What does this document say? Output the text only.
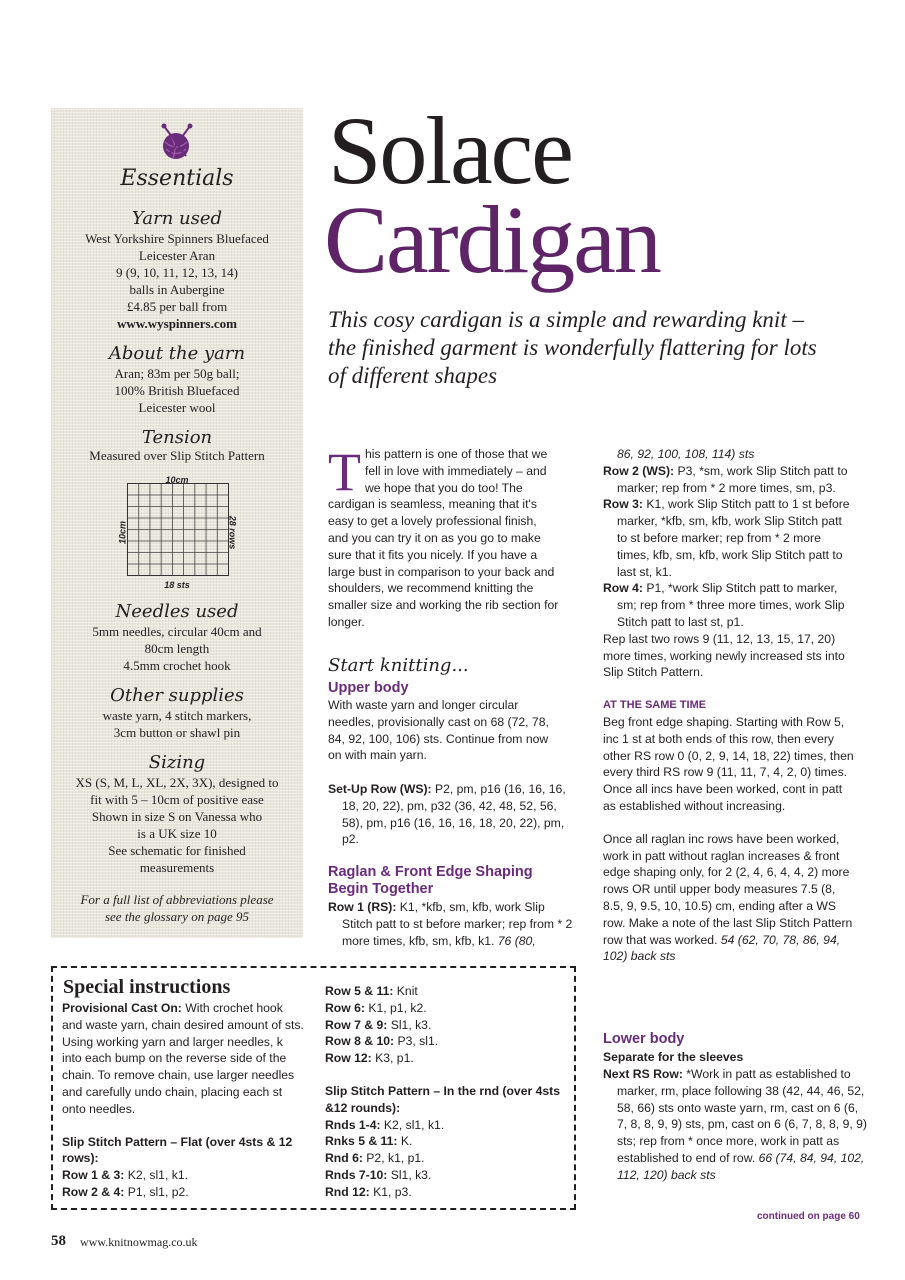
Essentials
Yarn used
West Yorkshire Spinners Bluefaced
Leicester Aran
9 (9, 10, 11, 12, 13, 14)
balls in Aubergine
£4.85 per ball from
www.wyspinners.com
About the yarn
Aran; 83m per 50g ball;
100% British Bluefaced
Leicester wool
Tension
Measured over Slip Stitch Pattern
10cm
10cm	28 rows
18 sts
Needles used
5mm needles, circular 40cm and
80cm length
4.5mm crochet hook
Other supplies
waste yarn, 4 stitch markers,
3cm button or shawl pin
Sizing
XS (S, M, L, XL, 2X, 3X), designed to
fit with 5 – 10cm of positive ease
Shown in size S on Vanessa who
is a UK size 10
See schematic for finished
measurements
For a full list of abbreviations please
see the glossary on page 95
Solace
Cardigan
This cosy cardigan is a simple and rewarding knit – the finished garment is wonderfully flattering for lots of different shapes
This pattern is one of those that we fell in love with immediately – and we hope that you do too! The cardigan is seamless, meaning that it's easy to get a lovely professional finish, and you can try it on as you go to make sure that it fits you nicely. If you have a large bust in comparison to your back and shoulders, we recommend knitting the smaller size and working the rib section for longer.
Start knitting...
Upper body
With waste yarn and longer circular needles, provisionally cast on 68 (72, 78, 84, 92, 100, 106) sts. Continue from now on with main yarn.
Set-Up Row (WS): P2, pm, p16 (16, 16, 16, 18, 20, 22), pm, p32 (36, 42, 48, 52, 56, 58), pm, p16 (16, 16, 16, 18, 20, 22), pm, p2.
Raglan & Front Edge Shaping
Begin Together
Row 1 (RS): K1, *kfb, sm, kfb, work Slip Stitch patt to st before marker; rep from * 2 more times, kfb, sm, kfb, k1. 76 (80,
86, 92, 100, 108, 114) sts
Row 2 (WS): P3, *sm, work Slip Stitch patt to marker; rep from * 2 more times, sm, p3.
Row 3: K1, work Slip Stitch patt to 1 st before marker, *kfb, sm, kfb, work Slip Stitch patt to st before marker; rep from * 2 more times, kfb, sm, kfb, work Slip Stitch patt to last st, k1.
Row 4: P1, *work Slip Stitch patt to marker, sm; rep from * three more times, work Slip Stitch patt to last st, p1.
Rep last two rows 9 (11, 12, 13, 15, 17, 20) more times, working newly increased sts into Slip Stitch Pattern.
AT THE SAME TIME
Beg front edge shaping. Starting with Row 5, inc 1 st at both ends of this row, then every other RS row 0 (0, 2, 9, 14, 18, 22) times, then every third RS row 9 (11, 11, 7, 4, 2, 0) times. Once all incs have been worked, cont in patt as established without increasing.
Once all raglan inc rows have been worked, work in patt without raglan increases & front edge shaping only, for 2 (2, 4, 6, 4, 4, 2) more rows OR until upper body measures 7.5 (8, 8.5, 9, 9.5, 10, 10.5) cm, ending after a WS row. Make a note of the last Slip Stitch Pattern row that was worked. 54 (62, 70, 78, 86, 94, 102) back sts
Lower body
Separate for the sleeves
Next RS Row: *Work in patt as established to marker, rm, place following 38 (42, 44, 46, 52, 58, 66) sts onto waste yarn, rm, cast on 6 (6, 7, 8, 8, 9, 9) sts, pm, cast on 6 (6, 7, 8, 8, 9, 9) sts; rep from * once more, work in patt as established to end of row. 66 (74, 84, 94, 102, 112, 120) back sts
continued on page 60
Special instructions
Provisional Cast On: With crochet hook and waste yarn, chain desired amount of sts. Using working yarn and larger needles, k into each bump on the reverse side of the chain. To remove chain, use larger needles and carefully undo chain, placing each st onto needles.
Slip Stitch Pattern – Flat (over 4sts & 12 rows):
Row 1 & 3: K2, sl1, k1.
Row 2 & 4: P1, sl1, p2.
Row 5 & 11: Knit
Row 6: K1, p1, k2.
Row 7 & 9: Sl1, k3.
Row 8 & 10: P3, sl1.
Row 12: K3, p1.
Slip Stitch Pattern – In the rnd (over 4sts &12 rounds):
Rnds 1-4: K2, sl1, k1.
Rnks 5 & 11: K.
Rnd 6: P2, k1, p1.
Rnds 7-10: Sl1, k3.
Rnd 12: K1, p3.
58 www.knitnowmag.co.uk
